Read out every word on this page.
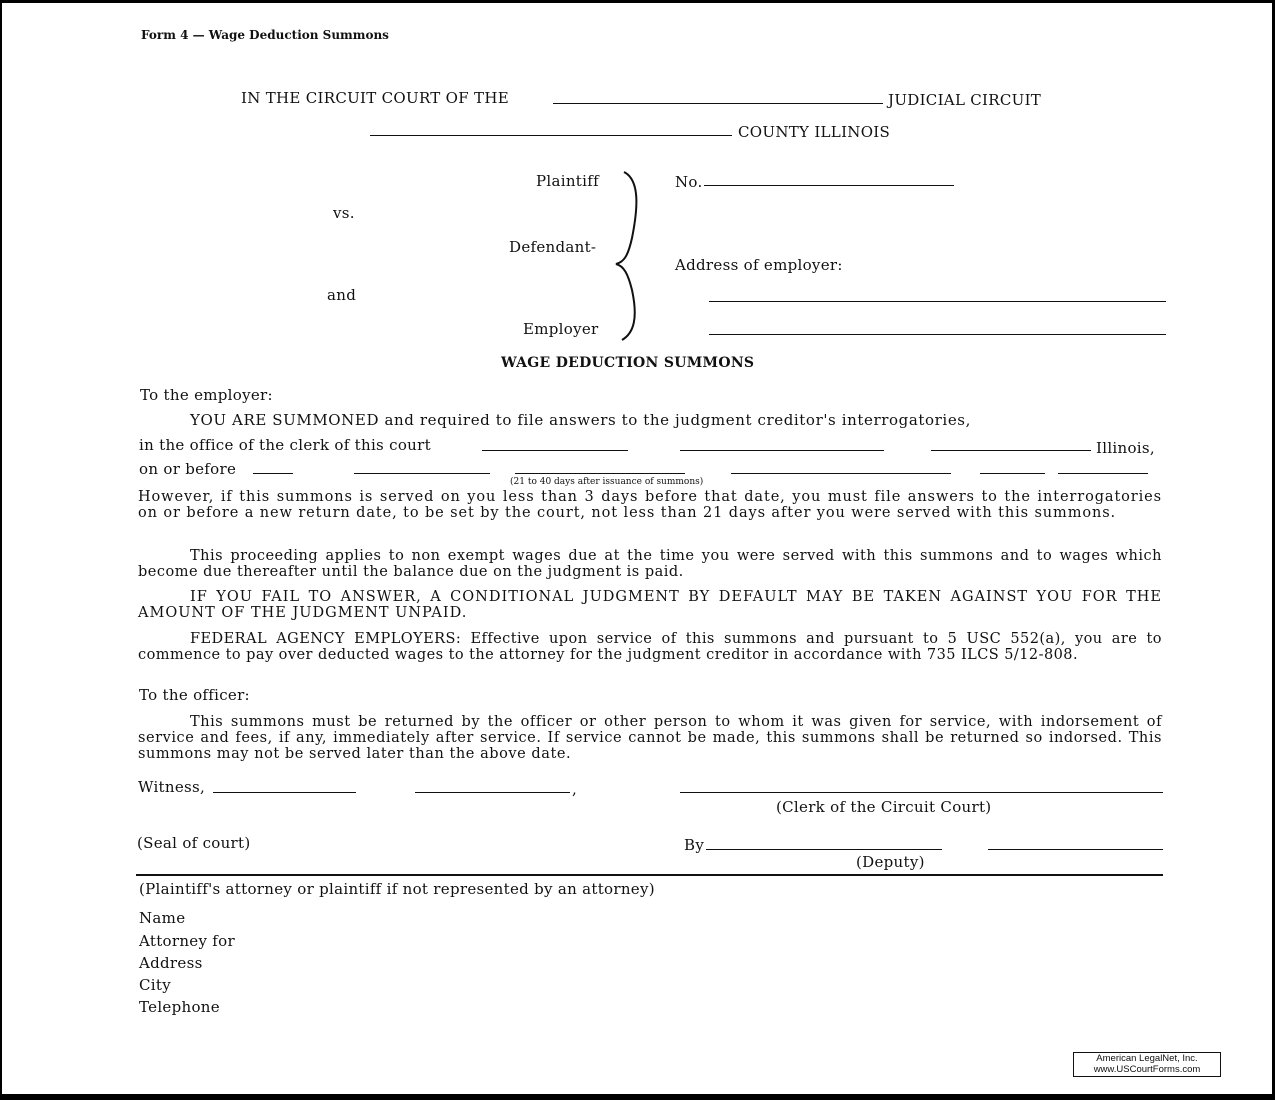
Form 4 — Wage Deduction Summons
IN THE CIRCUIT COURT OF THE	JUDICIAL CIRCUIT
COUNTY ILLINOIS
Plaintiff
vs.
Defendant-
and
Employer
No.
Address of employer:
WAGE DEDUCTION SUMMONS
To the employer:
YOU ARE SUMMONED and required to file answers to the judgment creditor's interrogatories,
in the office of the clerk of this court	Illinois,
on or before
(21 to 40 days after issuance of summons)
However, if this summons is served on you less than 3 days before that date, you must file answers to the interrogatories on or before a new return date, to be set by the court, not less than 21 days after you were served with this summons.
This proceeding applies to non exempt wages due at the time you were served with this summons and to wages which become due thereafter until the balance due on the judgment is paid.
IF YOU FAIL TO ANSWER, A CONDITIONAL JUDGMENT BY DEFAULT MAY BE TAKEN AGAINST YOU FOR THE AMOUNT OF THE JUDGMENT UNPAID.
FEDERAL AGENCY EMPLOYERS: Effective upon service of this summons and pursuant to 5 USC 552(a), you are to commence to pay over deducted wages to the attorney for the judgment creditor in accordance with 735 ILCS 5/12-808.
To the officer:
This summons must be returned by the officer or other person to whom it was given for service, with indorsement of service and fees, if any, immediately after service. If service cannot be made, this summons shall be returned so indorsed. This summons may not be served later than the above date.
Witness,	,
(Clerk of the Circuit Court)
(Seal of court)	By
(Deputy)
(Plaintiff's attorney or plaintiff if not represented by an attorney)
Name
Attorney for
Address
City
Telephone
American LegalNet, Inc.
www.USCourtForms.com
